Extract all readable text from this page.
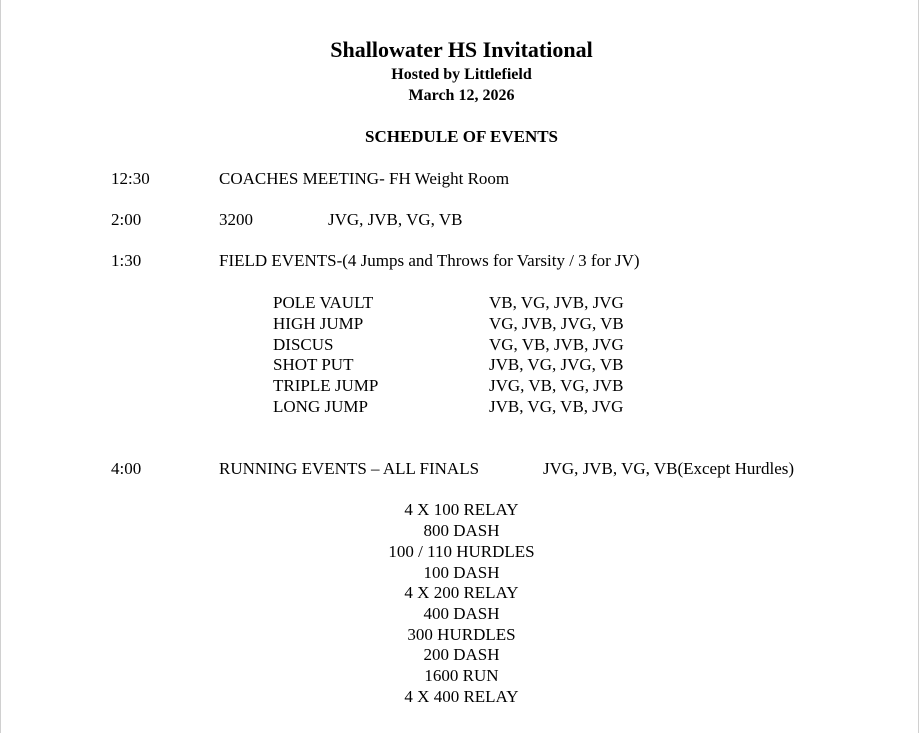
Shallowater HS Invitational
Hosted by Littlefield
March 12, 2026
SCHEDULE OF EVENTS
12:30	COACHES MEETING- FH Weight Room
2:00	3200	JVG, JVB, VG, VB
1:30	FIELD EVENTS-(4 Jumps and Throws for Varsity / 3 for JV)
POLE VAULT	VB, VG, JVB, JVG
HIGH JUMP	VG, JVB, JVG, VB
DISCUS	VG, VB, JVB, JVG
SHOT PUT	JVB, VG, JVG, VB
TRIPLE JUMP	JVG, VB, VG, JVB
LONG JUMP	JVB, VG, VB, JVG
4:00	RUNNING EVENTS – ALL FINALS	JVG, JVB, VG, VB(Except Hurdles)
4 X 100 RELAY
800 DASH
100 / 110 HURDLES
100 DASH
4 X 200 RELAY
400 DASH
300 HURDLES
200 DASH
1600 RUN
4 X 400 RELAY
